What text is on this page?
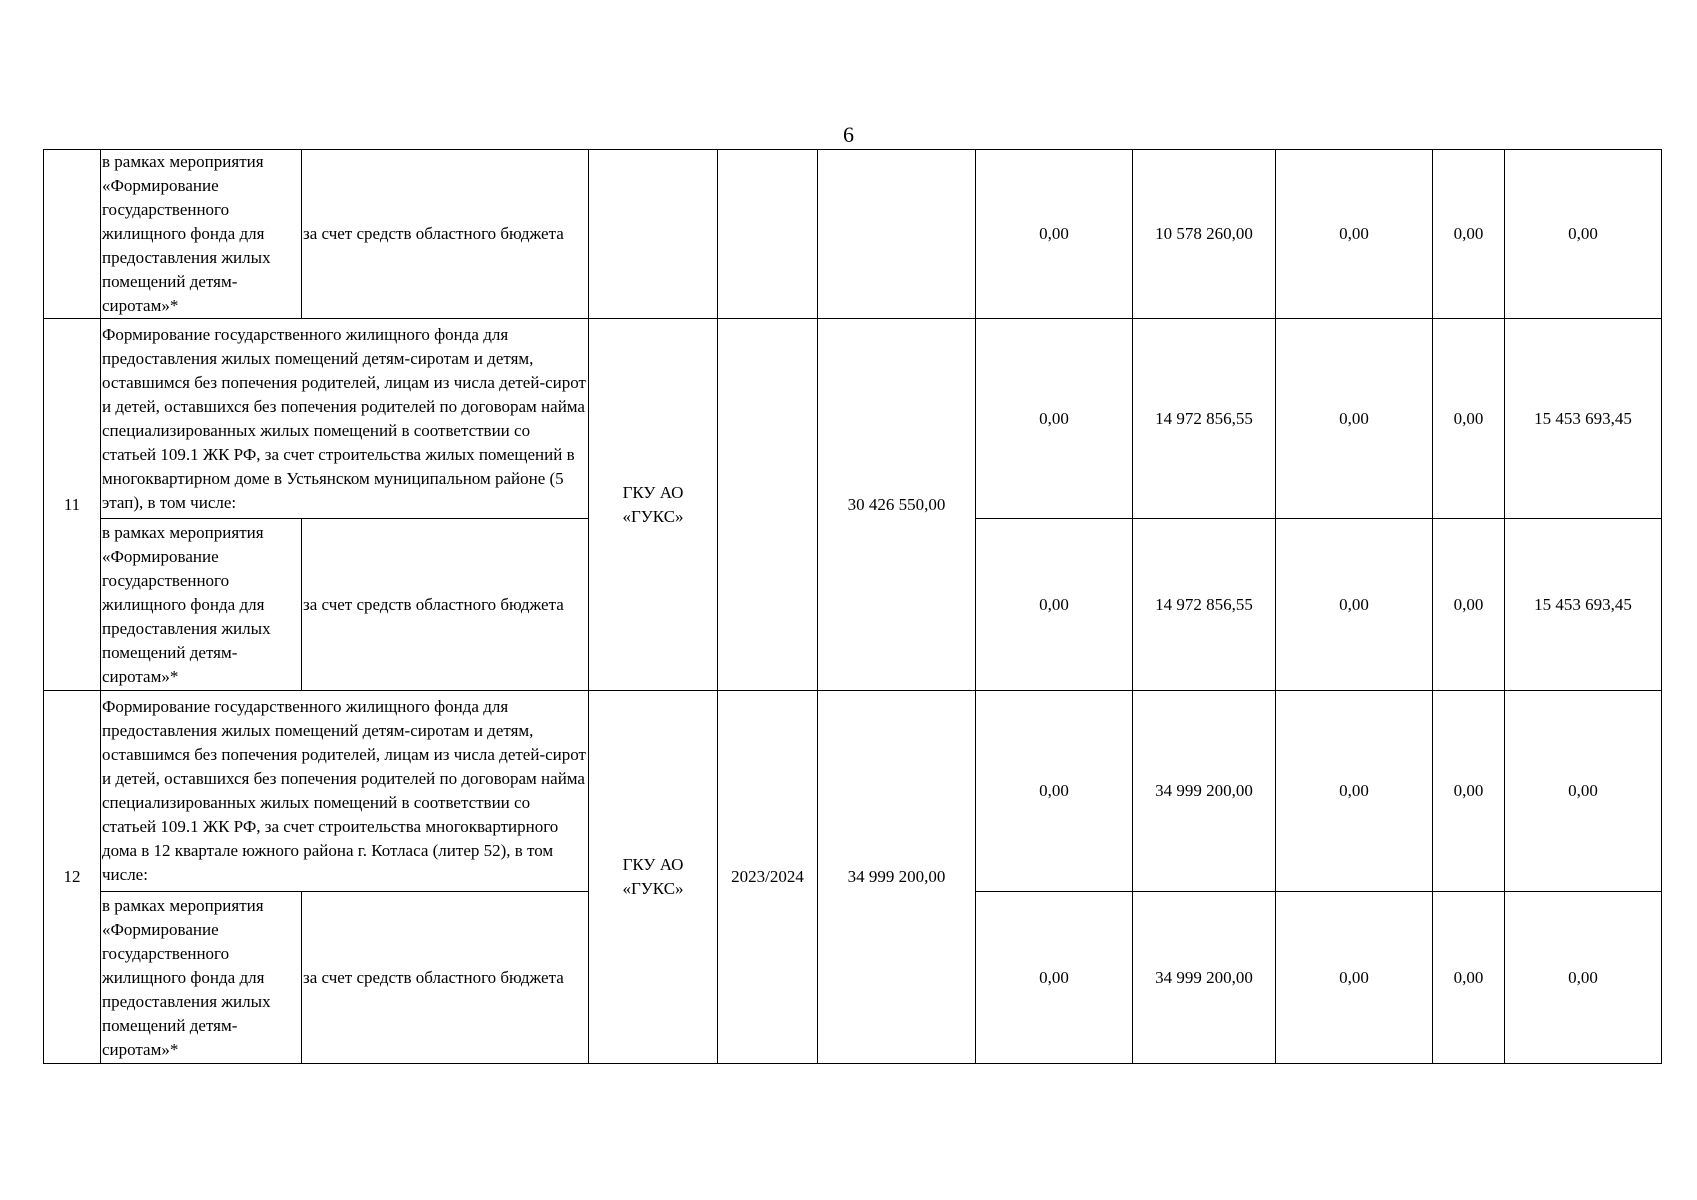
6
	в рамках мероприятия «Формирование государственного жилищного фонда для предоставления жилых помещений детям-сиротам»*	за счет средств областного бюджета				0,00	10 578 260,00	0,00	0,00	0,00
11	Формирование государственного жилищного фонда для предоставления жилых помещений детям-сиротам и детям, оставшимся без попечения родителей, лицам из числа детей-сирот и детей, оставшихся без попечения родителей по договорам найма специализированных жилых помещений в соответствии со статьей 109.1 ЖК РФ, за счет строительства жилых помещений в многоквартирном доме в Устьянском муниципальном районе (5 этап), в том числе:		ГКУ АО «ГУКС»		30 426 550,00	0,00	14 972 856,55	0,00	0,00	15 453 693,45
	в рамках мероприятия «Формирование государственного жилищного фонда для предоставления жилых помещений детям-сиротам»*	за счет средств областного бюджета				0,00	14 972 856,55	0,00	0,00	15 453 693,45
12	Формирование государственного жилищного фонда для предоставления жилых помещений детям-сиротам и детям, оставшимся без попечения родителей, лицам из числа детей-сирот и детей, оставшихся без попечения родителей по договорам найма специализированных жилых помещений в соответствии со статьей 109.1 ЖК РФ, за счет строительства многоквартирного дома в 12 квартале южного района г. Котласа (литер 52), в том числе:		ГКУ АО «ГУКС»	2023/2024	34 999 200,00	0,00	34 999 200,00	0,00	0,00	0,00
	в рамках мероприятия «Формирование государственного жилищного фонда для предоставления жилых помещений детям-сиротам»*	за счет средств областного бюджета				0,00	34 999 200,00	0,00	0,00	0,00
